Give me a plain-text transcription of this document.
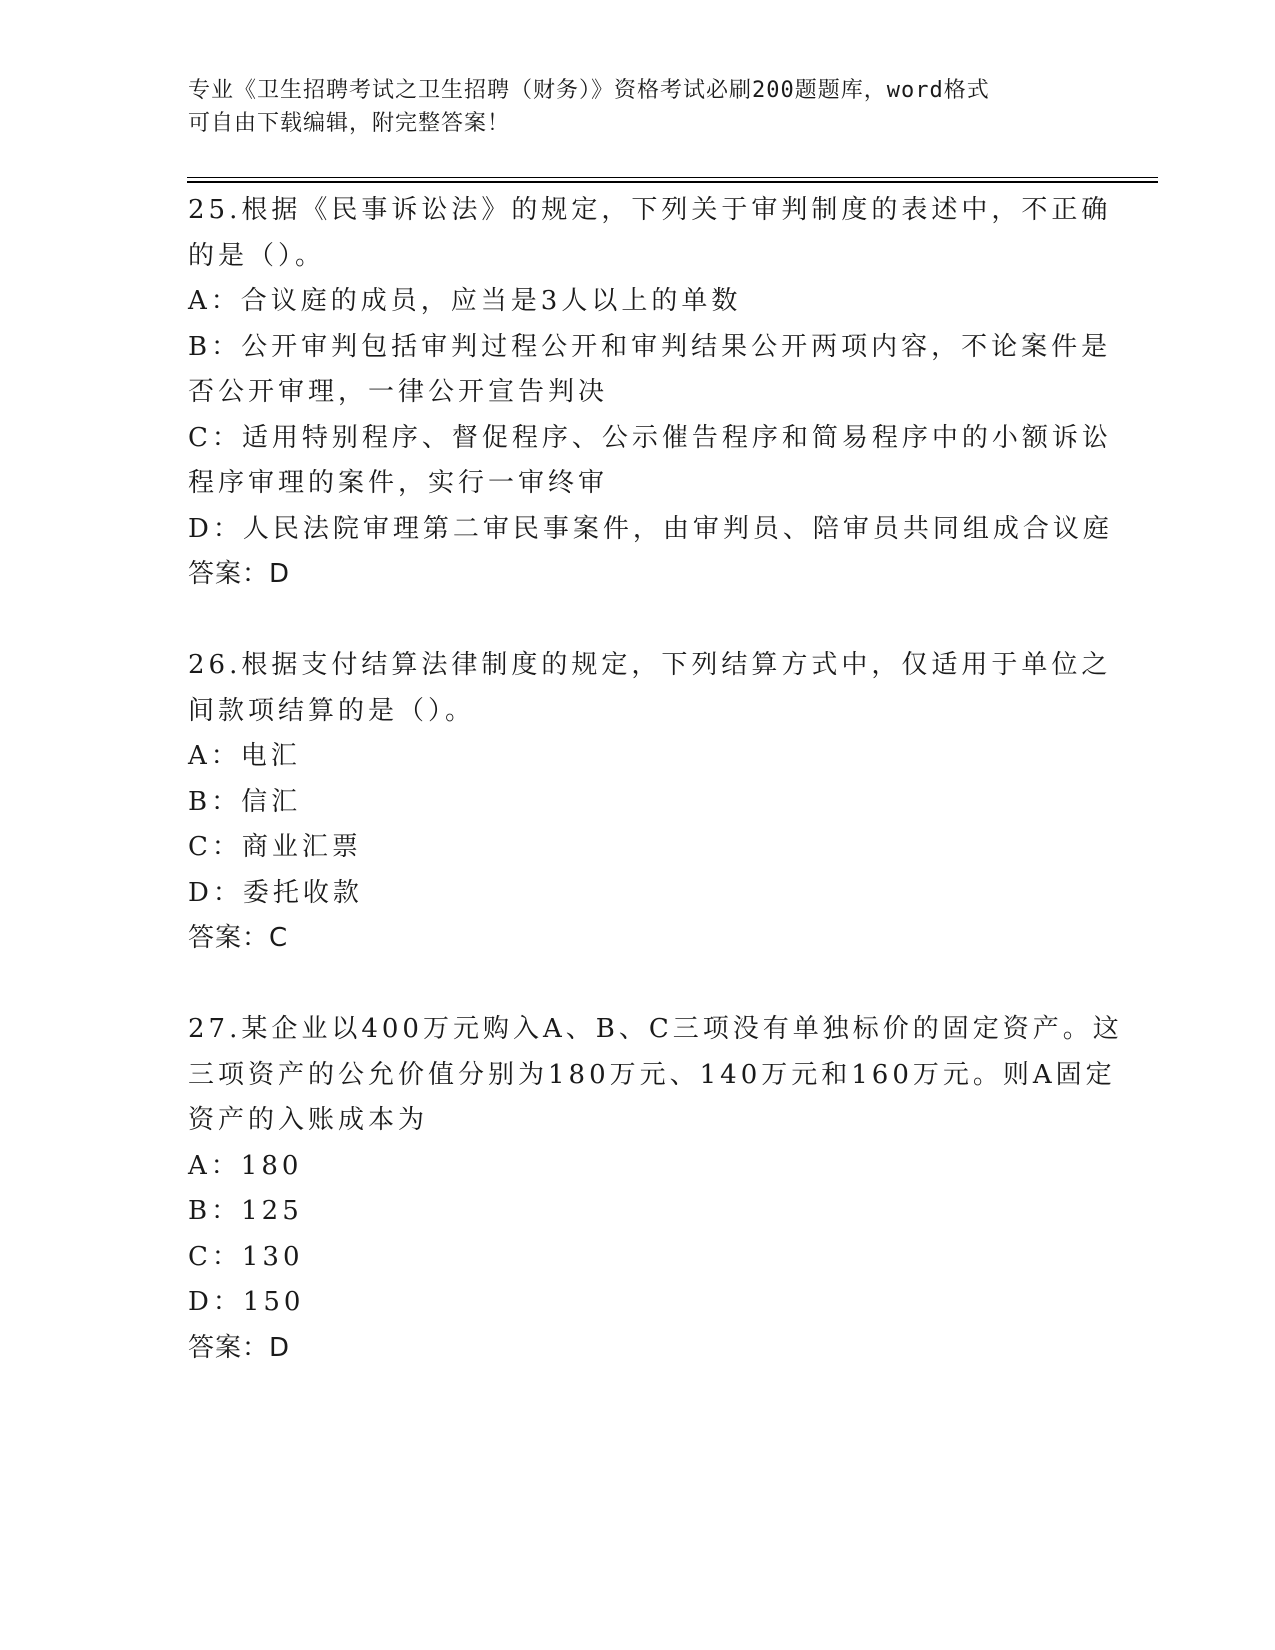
专业《卫生招聘考试之卫生招聘（财务）》资格考试必刷200题题库，word格式
可自由下载编辑，附完整答案！
25.根据《民事诉讼法》的规定，下列关于审判制度的表述中，不正确
的是（）。
A：合议庭的成员，应当是3人以上的单数
B：公开审判包括审判过程公开和审判结果公开两项内容，不论案件是
否公开审理，一律公开宣告判决
C：适用特别程序、督促程序、公示催告程序和简易程序中的小额诉讼
程序审理的案件，实行一审终审
D：人民法院审理第二审民事案件，由审判员、陪审员共同组成合议庭
答案：D
26.根据支付结算法律制度的规定，下列结算方式中，仅适用于单位之
间款项结算的是（）。
A：电汇
B：信汇
C：商业汇票
D：委托收款
答案：C
27.某企业以400万元购入A、B、C三项没有单独标价的固定资产。这
三项资产的公允价值分别为180万元、140万元和160万元。则A固定
资产的入账成本为
A：180
B：125
C：130
D：150
答案：D
